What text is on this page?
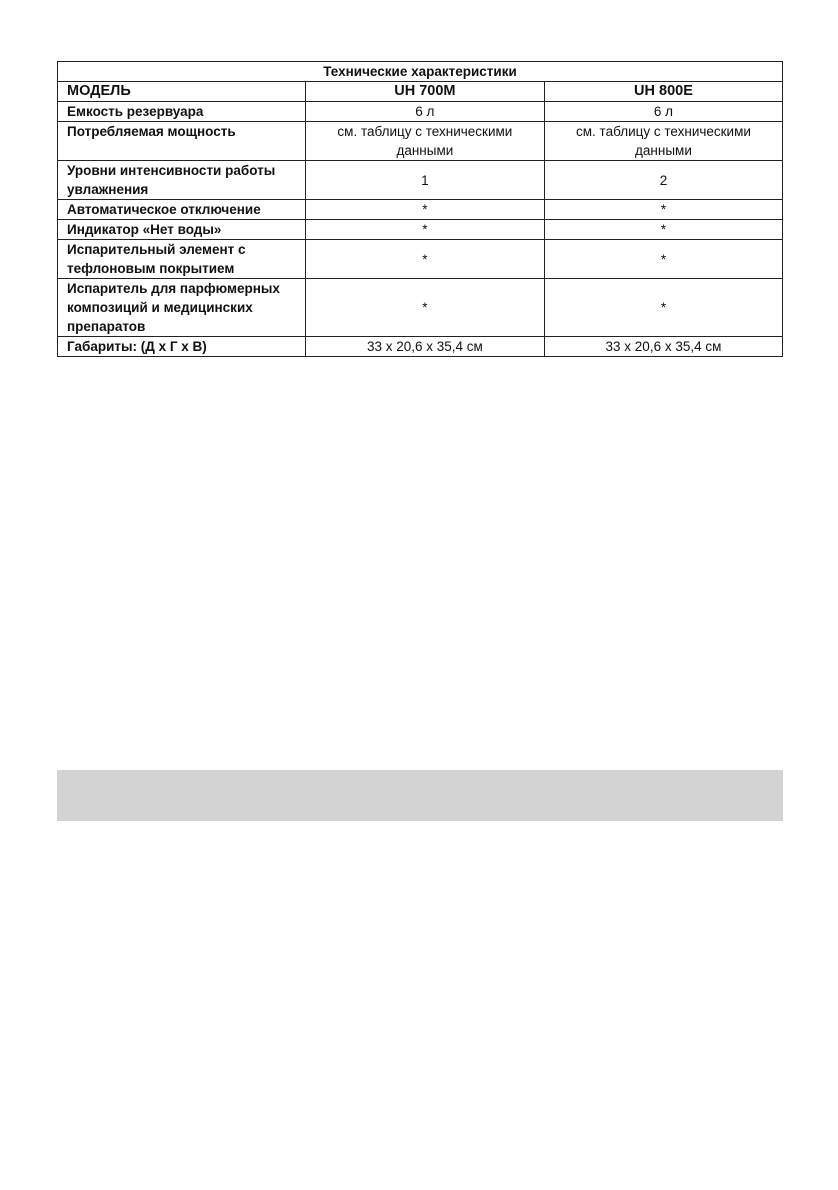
Технические характеристики		
МОДЕЛЬ	UH 700M	UH 800E
Емкость резервуара	6 л	6 л
Потребляемая мощность	см. таблицу с техническими данными	см. таблицу с техническими данными
Уровни интенсивности работы увлажнения	1	2
Автоматическое отключение	*	*
Индикатор «Нет воды»	*	*
Испарительный элемент с тефлоновым покрытием	*	*
Испаритель для парфюмерных композиций и медицинских препаратов	*	*
Габариты: (Д x Г x В)	33 x 20,6 x 35,4 см	33 x 20,6 x 35,4 см
